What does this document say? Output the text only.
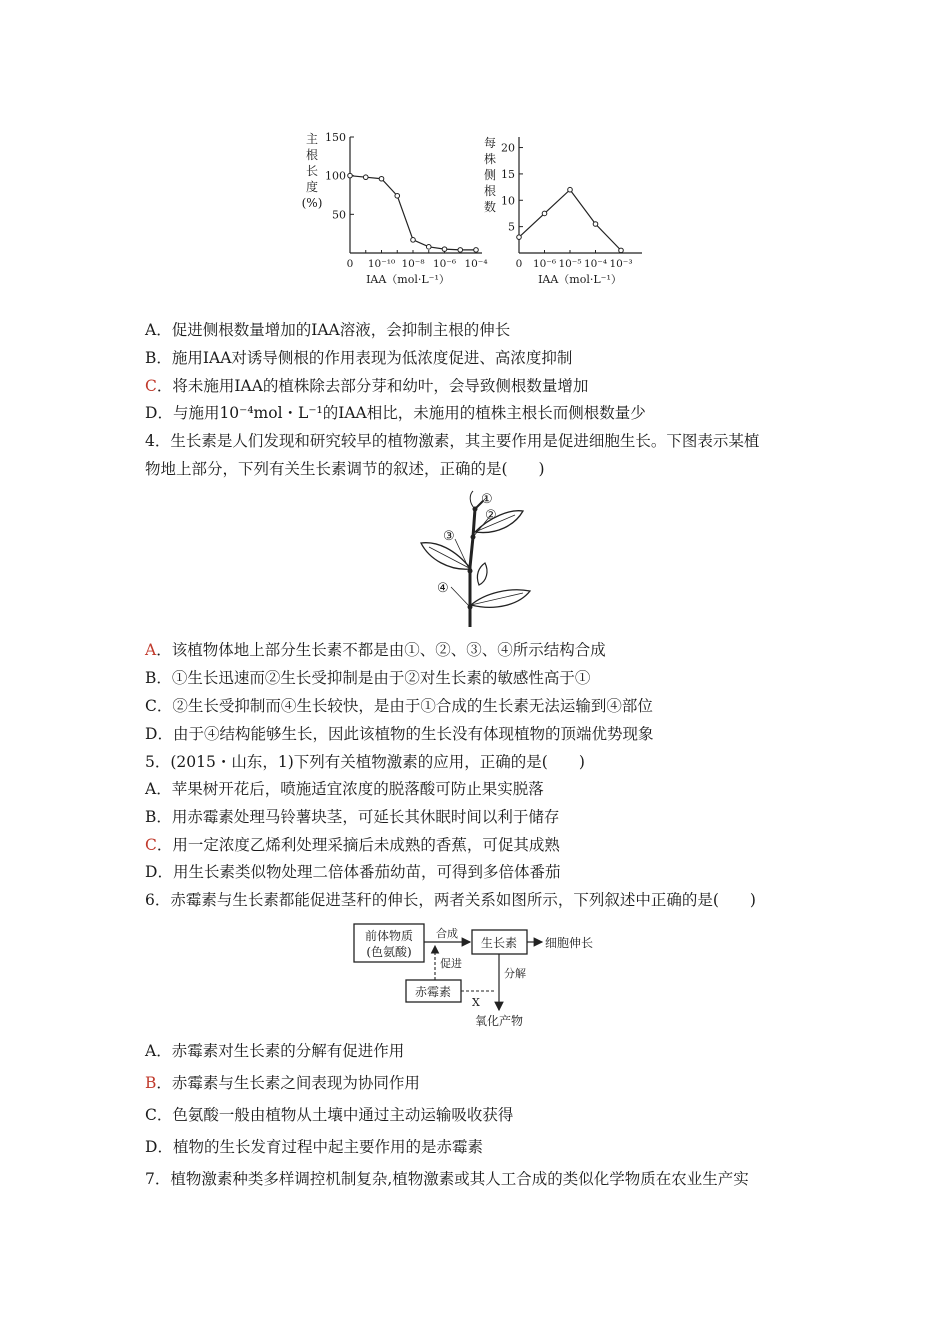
主
根
长
度
(%)
150
100
50
0 10⁻¹⁰ 10⁻⁸ 10⁻⁶ 10⁻⁴
IAA（mol·L⁻¹）
每
株
侧
根
数
20
15
10
5
0 10⁻⁶ 10⁻⁵ 10⁻⁴ 10⁻³
IAA（mol·L⁻¹）
A．促进侧根数量增加的IAA溶液，会抑制主根的伸长
B．施用IAA对诱导侧根的作用表现为低浓度促进、高浓度抑制
C．将未施用IAA的植株除去部分芽和幼叶，会导致侧根数量增加
D．与施用10⁻⁴mol・L⁻¹的IAA相比，未施用的植株主根长而侧根数量少
4．生长素是人们发现和研究较早的植物激素，其主要作用是促进细胞生长。下图表示某植
物地上部分，下列有关生长素调节的叙述，正确的是(　　)
①
②
③
④
A．该植物体地上部分生长素不都是由①、②、③、④所示结构合成
B．①生长迅速而②生长受抑制是由于②对生长素的敏感性高于①
C．②生长受抑制而④生长较快，是由于①合成的生长素无法运输到④部位
D．由于④结构能够生长，因此该植物的生长没有体现植物的顶端优势现象
5．(2015・山东，1)下列有关植物激素的应用，正确的是(　　)
A．苹果树开花后，喷施适宜浓度的脱落酸可防止果实脱落
B．用赤霉素处理马铃薯块茎，可延长其休眠时间以利于储存
C．用一定浓度乙烯利处理采摘后未成熟的香蕉，可促其成熟
D．用生长素类似物处理二倍体番茄幼苗，可得到多倍体番茄
6．赤霉素与生长素都能促进茎秆的伸长，两者关系如图所示，下列叙述中正确的是(　　)
前体物质
(色氨酸)
合成
生长素 细胞伸长
赤霉素
促进
分解
X
氧化产物
A．赤霉素对生长素的分解有促进作用
B．赤霉素与生长素之间表现为协同作用
C．色氨酸一般由植物从土壤中通过主动运输吸收获得
D．植物的生长发育过程中起主要作用的是赤霉素
7．植物激素种类多样调控机制复杂,植物激素或其人工合成的类似化学物质在农业生产实
